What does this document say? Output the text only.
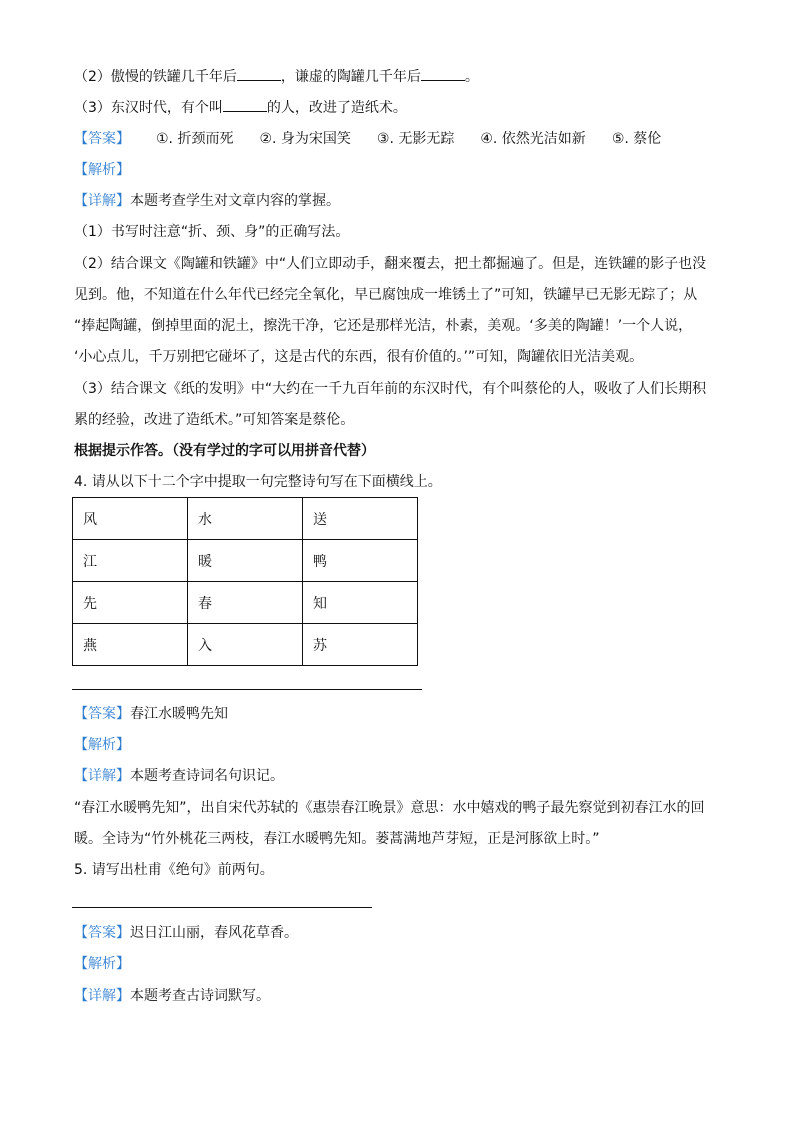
（2）傲慢的铁罐几千年后	，谦虚的陶罐几千年后	。
（3）东汉时代，有个叫	的人，改进了造纸术。
【答案】 ①. 折颈而死 ②. 身为宋国笑 ③. 无影无踪 ④. 依然光洁如新 ⑤. 蔡伦
【解析】
【详解】本题考查学生对文章内容的掌握。
（1）书写时注意“折、颈、身”的正确写法。
（2）结合课文《陶罐和铁罐》中“人们立即动手，翻来覆去，把土都掘遍了。但是，连铁罐的影子也没
见到。他，不知道在什么年代已经完全氧化，早已腐蚀成一堆锈土了”可知，铁罐早已无影无踪了；从
“捧起陶罐，倒掉里面的泥土，擦洗干净，它还是那样光洁，朴素，美观。‘多美的陶罐！’一个人说，
‘小心点儿，千万别把它碰坏了，这是古代的东西，很有价值的。’”可知，陶罐依旧光洁美观。
（3）结合课文《纸的发明》中“大约在一千九百年前的东汉时代，有个叫蔡伦的人，吸收了人们长期积
累的经验，改进了造纸术。”可知答案是蔡伦。
根据提示作答。（没有学过的字可以用拼音代替）
4. 请从以下十二个字中提取一句完整诗句写在下面横线上。
风	水	送
江	暖	鸭
先	春	知
燕	入	苏
【答案】春江水暖鸭先知
【解析】
【详解】本题考查诗词名句识记。
“春江水暖鸭先知”，出自宋代苏轼的《惠崇春江晚景》意思：水中嬉戏的鸭子最先察觉到初春江水的回
暖。全诗为“竹外桃花三两枝，春江水暖鸭先知。蒌蒿满地芦芽短，正是河豚欲上时。”
5. 请写出杜甫《绝句》前两句。
【答案】迟日江山丽，春风花草香。
【解析】
【详解】本题考查古诗词默写。
